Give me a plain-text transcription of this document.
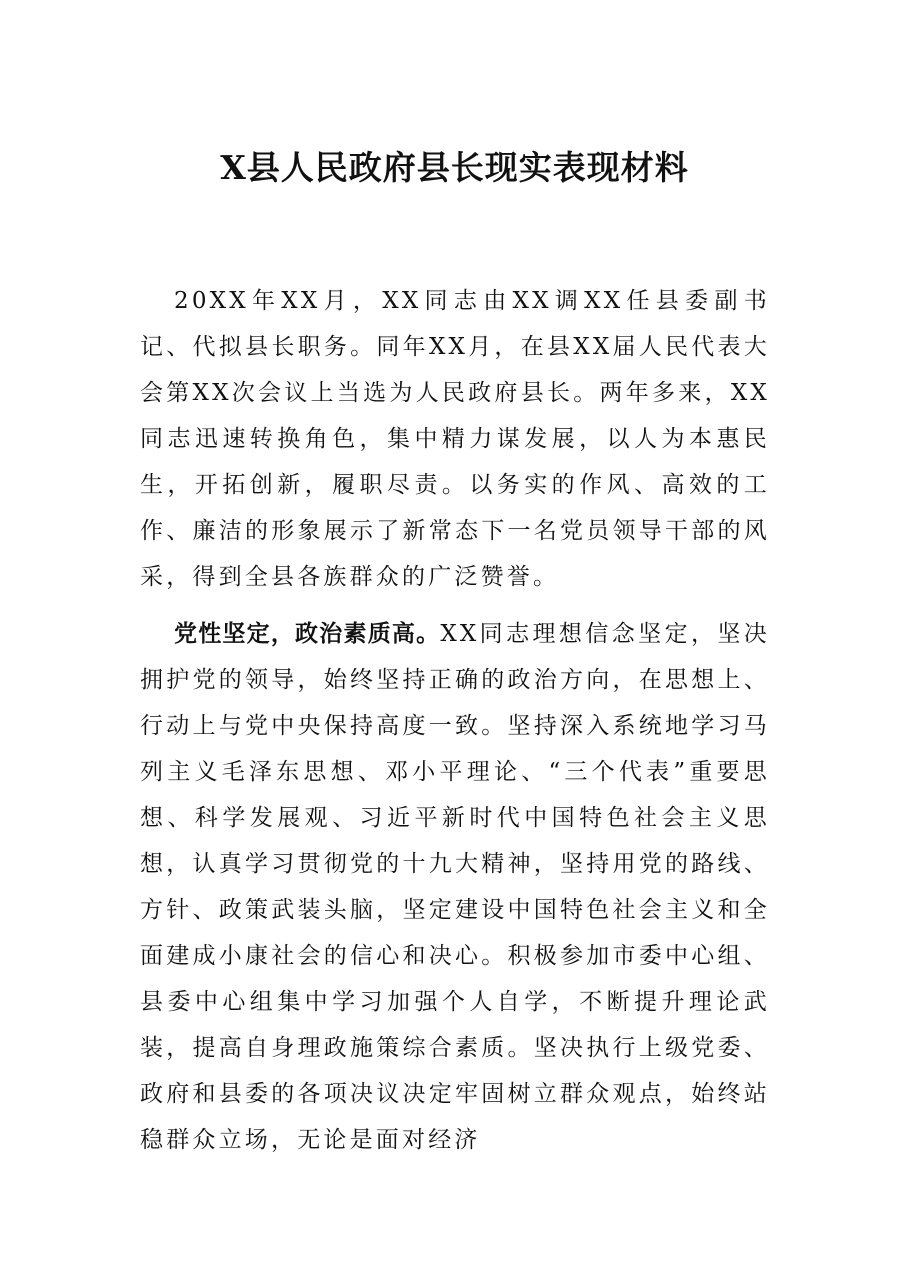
X县人民政府县长现实表现材料

20XX年XX月，XX同志由XX调XX任县委副书记、代拟县长职务。同年XX月，在县XX届人民代表大会第XX次会议上当选为人民政府县长。两年多来，XX同志迅速转换角色，集中精力谋发展，以人为本惠民生，开拓创新，履职尽责。以务实的作风、高效的工作、廉洁的形象展示了新常态下一名党员领导干部的风采，得到全县各族群众的广泛赞誉。

党性坚定，政治素质高。XX同志理想信念坚定，坚决拥护党的领导，始终坚持正确的政治方向，在思想上、行动上与党中央保持高度一致。坚持深入系统地学习马列主义毛泽东思想、邓小平理论、“三个代表”重要思想、科学发展观、习近平新时代中国特色社会主义思想，认真学习贯彻党的十九大精神，坚持用党的路线、方针、政策武装头脑，坚定建设中国特色社会主义和全面建成小康社会的信心和决心。积极参加市委中心组、县委中心组集中学习加强个人自学，不断提升理论武装，提高自身理政施策综合素质。坚决执行上级党委、政府和县委的各项决议决定牢固树立群众观点，始终站稳群众立场，无论是面对经济
